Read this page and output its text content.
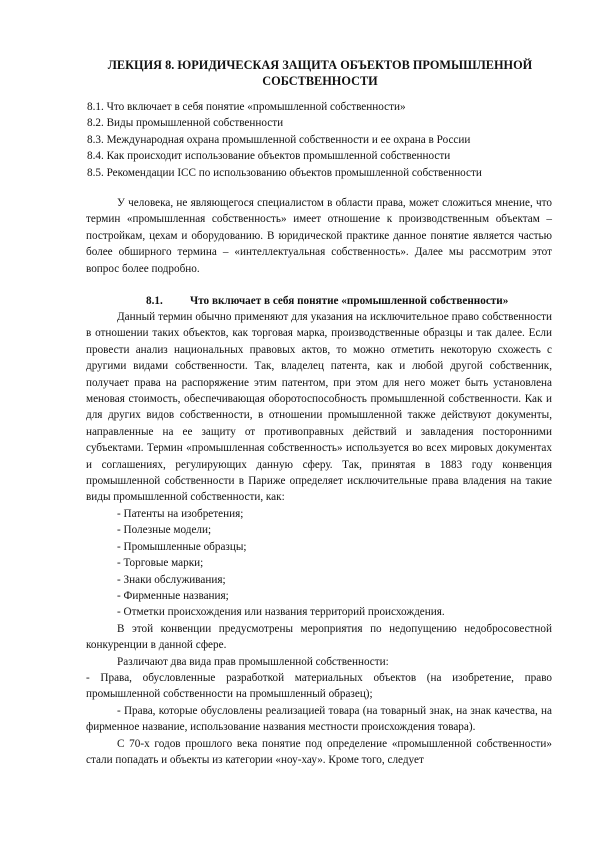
ЛЕКЦИЯ 8. ЮРИДИЧЕСКАЯ ЗАЩИТА ОБЪЕКТОВ ПРОМЫШЛЕННОЙ
СОБСТВЕННОСТИ
8.1. Что включает в себя понятие «промышленной собственности»
8.2. Виды промышленной собственности
8.3. Международная охрана промышленной собственности и ее охрана в России
8.4. Как происходит использование объектов промышленной собственности
8.5. Рекомендации ICC по использованию объектов промышленной собственности

У человека, не являющегося специалистом в области права, может сложиться мнение, что термин «промышленная собственность» имеет отношение к производственным объектам – постройкам, цехам и оборудованию. В юридической практике данное понятие является частью более обширного термина – «интеллектуальная собственность». Далее мы рассмотрим этот вопрос более подробно.

8.1. Что включает в себя понятие «промышленной собственности»

Данный термин обычно применяют для указания на исключительное право собственности в отношении таких объектов, как торговая марка, производственные образцы и так далее. Если провести анализ национальных правовых актов, то можно отметить некоторую схожесть с другими видами собственности. Так, владелец патента, как и любой другой собственник, получает права на распоряжение этим патентом, при этом для него может быть установлена меновая стоимость, обеспечивающая оборотоспособность промышленной собственности. Как и для других видов собственности, в отношении промышленной также действуют документы, направленные на ее защиту от противоправных действий и завладения посторонними субъектами. Термин «промышленная собственность» используется во всех мировых документах и соглашениях, регулирующих данную сферу. Так, принятая в 1883 году конвенция промышленной собственности в Париже определяет исключительные права владения на такие виды промышленной собственности, как:

- Патенты на изобретения;

- Полезные модели;

- Промышленные образцы;

- Торговые марки;

- Знаки обслуживания;

- Фирменные названия;

- Отметки происхождения или названия территорий происхождения.

В этой конвенции предусмотрены мероприятия по недопущению недобросовестной конкуренции в данной сфере.

Различают два вида прав промышленной собственности:

- Права, обусловленные разработкой материальных объектов (на изобретение, право промышленной собственности на промышленный образец);

- Права, которые обусловлены реализацией товара (на товарный знак, на знак качества, на фирменное название, использование названия местности происхождения товара).

С 70-х годов прошлого века понятие под определение «промышленной собственности» стали попадать и объекты из категории «ноу-хау». Кроме того, следует
